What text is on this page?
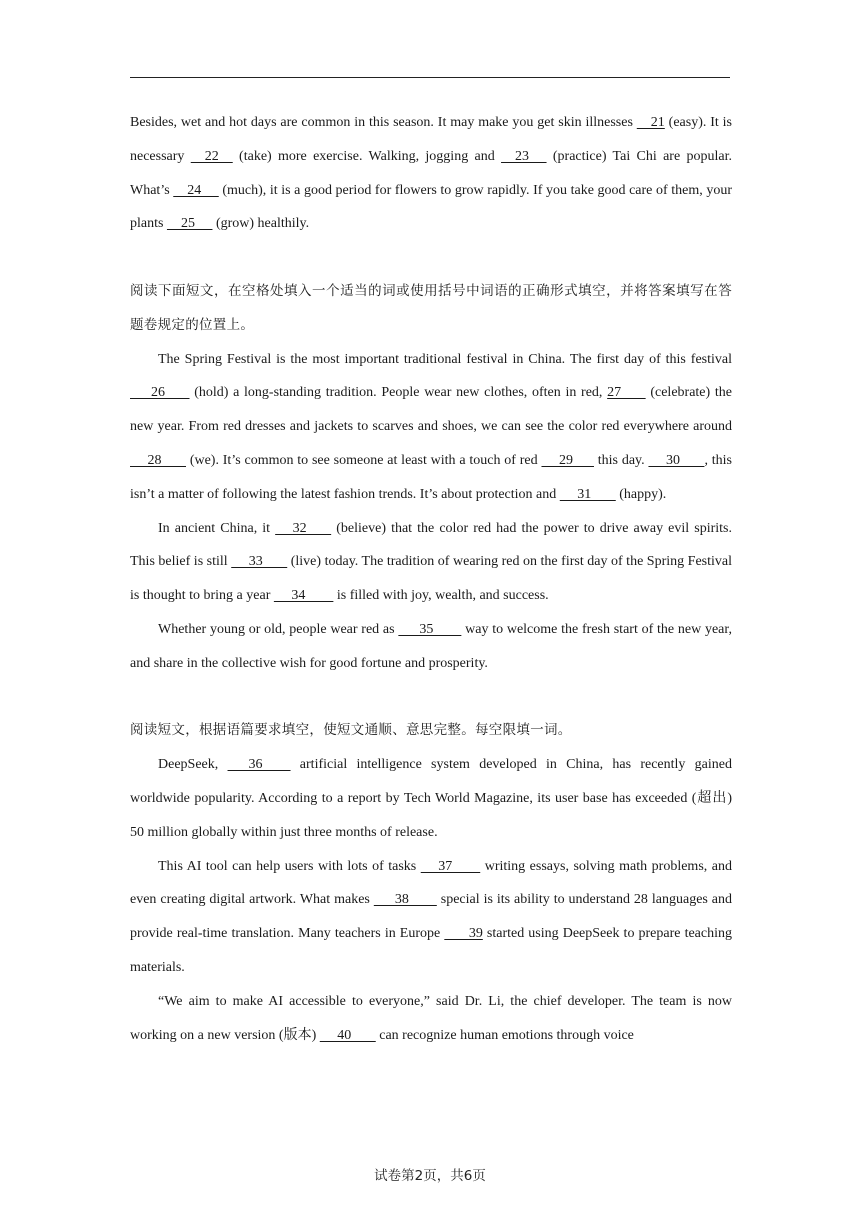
Besides, wet and hot days are common in this season. It may make you get skin illnesses     21 (easy). It is necessary     22     (take) more exercise. Walking, jogging and     23      (practice) Tai Chi are popular. What’s     24      (much), it is a good period for flowers to grow rapidly. If you take good care of them, your plants     25      (grow) healthily.

阅读下面短文，在空格处填入一个适当的词或使用括号中词语的正确形式填空，并将答案填写在答题卷规定的位置上。

The Spring Festival is the most important traditional festival in China. The first day of this festival       26        (hold) a long-standing tradition. People wear new clothes, often in red, 27        (celebrate) the new year. From red dresses and jackets to scarves and shoes, we can see the color red everywhere around      28        (we). It’s common to see someone at least with a touch of red      29       this day.      30       , this isn’t a matter of following the latest fashion trends. It’s about protection and      31        (happy).

In ancient China, it      32        (believe) that the color red had the power to drive away evil spirits. This belief is still      33        (live) today. The tradition of wearing red on the first day of the Spring Festival is thought to bring a year      34         is filled with joy, wealth, and success.

Whether young or old, people wear red as       35         way to welcome the fresh start of the new year, and share in the collective wish for good fortune and prosperity.

阅读短文，根据语篇要求填空，使短文通顺、意思完整。每空限填一词。

DeepSeek,       36         artificial intelligence system developed in China, has recently gained worldwide popularity. According to a report by Tech World Magazine, its user base has exceeded (超出) 50 million globally within just three months of release.

This AI tool can help users with lots of tasks      37         writing essays, solving math problems, and even creating digital artwork. What makes       38         special is its ability to understand 28 languages and provide real-time translation. Many teachers in Europe        39 started using DeepSeek to prepare teaching materials.

“We aim to make AI accessible to everyone,” said Dr. Li, the chief developer. The team is now working on a new version (版本)      40        can recognize human emotions through voice

试卷第2页，共6页
